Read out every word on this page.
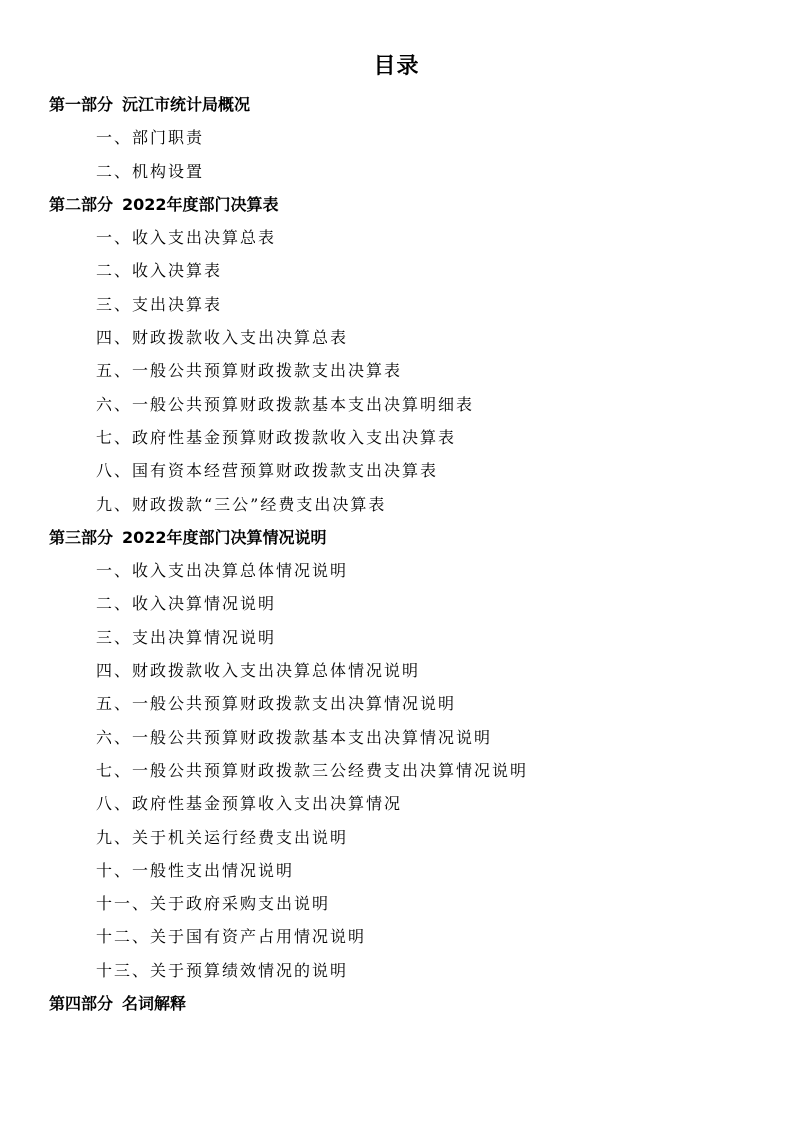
目录
第一部分 沅江市统计局概况
一、部门职责
二、机构设置
第二部分 2022年度部门决算表
一、收入支出决算总表
二、收入决算表
三、支出决算表
四、财政拨款收入支出决算总表
五、一般公共预算财政拨款支出决算表
六、一般公共预算财政拨款基本支出决算明细表
七、政府性基金预算财政拨款收入支出决算表
八、国有资本经营预算财政拨款支出决算表
九、财政拨款“三公”经费支出决算表
第三部分 2022年度部门决算情况说明
一、收入支出决算总体情况说明
二、收入决算情况说明
三、支出决算情况说明
四、财政拨款收入支出决算总体情况说明
五、一般公共预算财政拨款支出决算情况说明
六、一般公共预算财政拨款基本支出决算情况说明
七、一般公共预算财政拨款三公经费支出决算情况说明
八、政府性基金预算收入支出决算情况
九、关于机关运行经费支出说明
十、一般性支出情况说明
十一、关于政府采购支出说明
十二、关于国有资产占用情况说明
十三、关于预算绩效情况的说明
第四部分 名词解释
